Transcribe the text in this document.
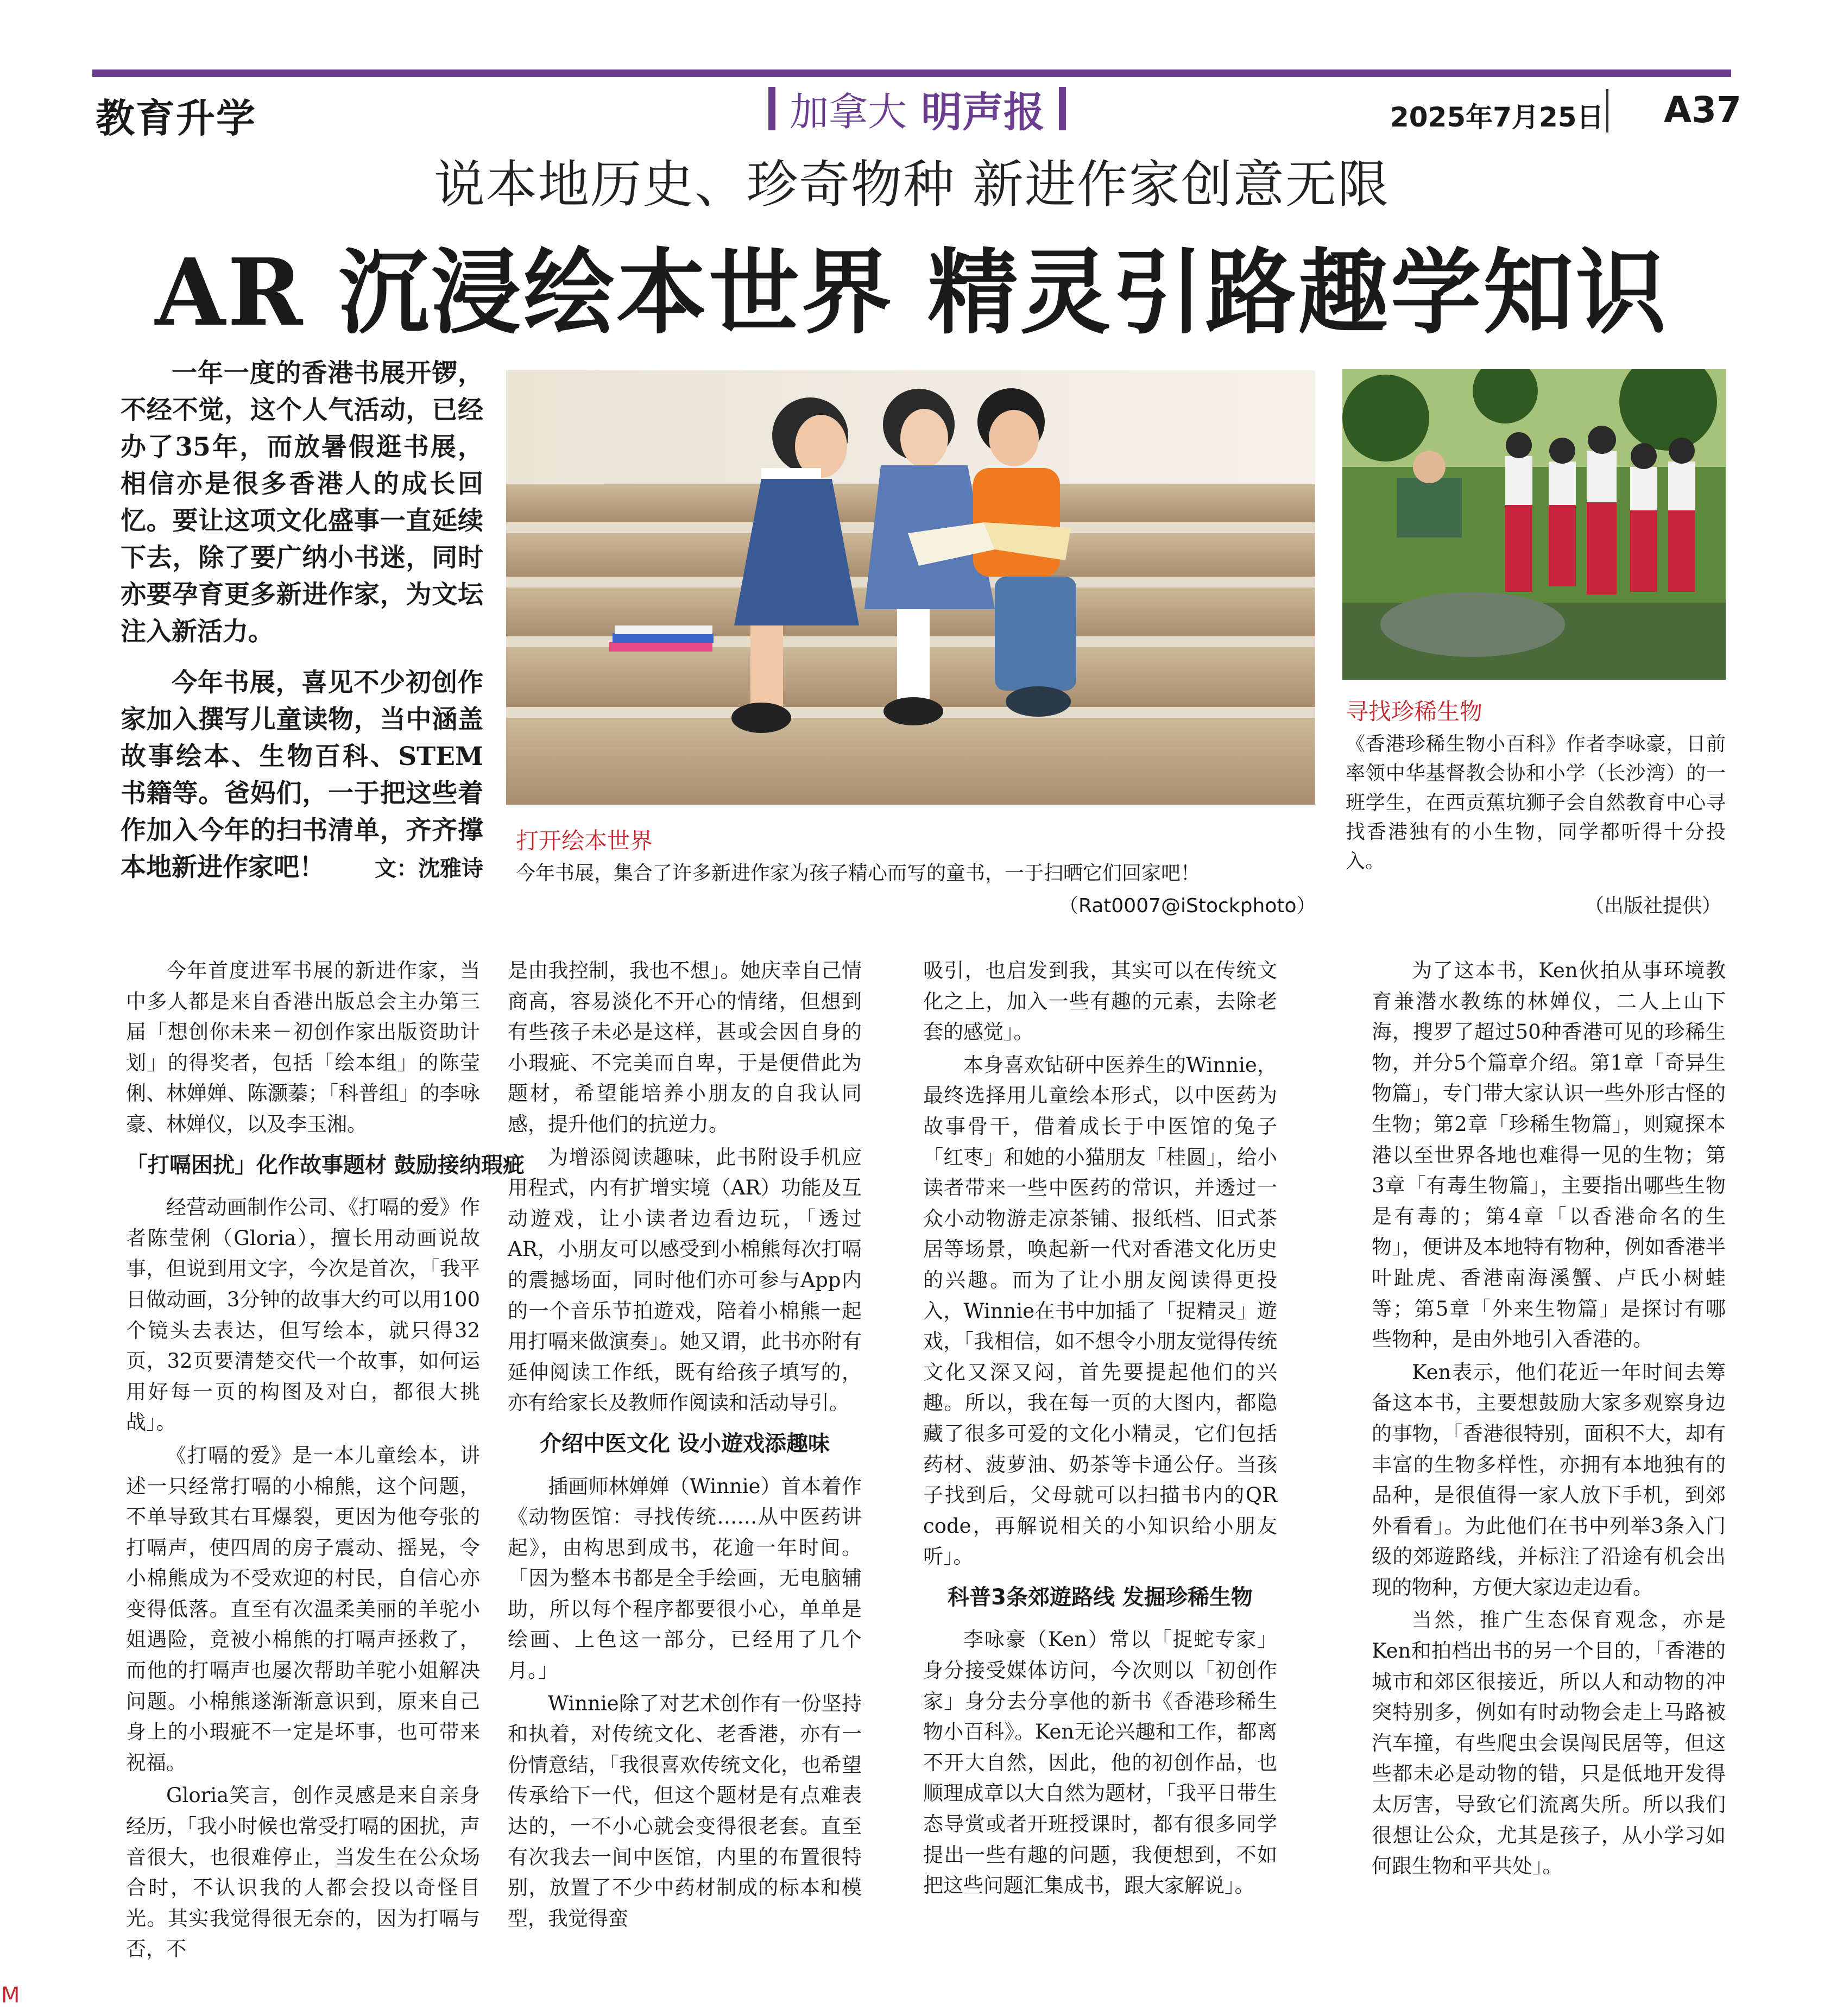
教育升学	加拿大 明声报	2025年7月25日 A37
说本地历史、珍奇物种 新进作家创意无限
AR 沉浸绘本世界 精灵引路趣学知识

一年一度的香港书展开锣，不经不觉，这个人气活动，已经办了35年，而放暑假逛书展，相信亦是很多香港人的成长回忆。要让这项文化盛事一直延续下去，除了要广纳小书迷，同时亦要孕育更多新进作家，为文坛注入新活力。

今年书展，喜见不少初创作家加入撰写儿童读物，当中涵盖故事绘本、生物百科、STEM书籍等。爸妈们，一于把这些着作加入今年的扫书清单，齐齐撑本地新进作家吧！	文：沈雅诗
打开绘本世界
今年书展，集合了许多新进作家为孩子精心而写的童书，一于扫晒它们回家吧！
（Rat0007@iStockphoto）
寻找珍稀生物
《香港珍稀生物小百科》作者李咏豪，日前率领中华基督教会协和小学（长沙湾）的一班学生，在西贡蕉坑狮子会自然教育中心寻找香港独有的小生物，同学都听得十分投入。
（出版社提供）

今年首度进军书展的新进作家，当中多人都是来自香港出版总会主办第三届「想创你未来－初创作家出版资助计划」的得奖者，包括「绘本组」的陈莹俐、林婵婵、陈灏蓁；「科普组」的李咏豪、林婵仪，以及李玉湘。

「打嗝困扰」化作故事题材 鼓励接纳瑕疵

经营动画制作公司、《打嗝的爱》作者陈莹俐（Gloria），擅长用动画说故事，但说到用文字，今次是首次，「我平日做动画，3分钟的故事大约可以用100个镜头去表达，但写绘本，就只得32页，32页要清楚交代一个故事，如何运用好每一页的构图及对白，都很大挑战」。

《打嗝的爱》是一本儿童绘本，讲述一只经常打嗝的小棉熊，这个问题，不单导致其右耳爆裂，更因为他夸张的打嗝声，使四周的房子震动、摇晃，令小棉熊成为不受欢迎的村民，自信心亦变得低落。直至有次温柔美丽的羊驼小姐遇险，竟被小棉熊的打嗝声拯救了，而他的打嗝声也屡次帮助羊驼小姐解决问题。小棉熊遂渐渐意识到，原来自己身上的小瑕疵不一定是坏事，也可带来祝福。

Gloria笑言，创作灵感是来自亲身经历，「我小时候也常受打嗝的困扰，声音很大，也很难停止，当发生在公众场合时，不认识我的人都会投以奇怪目光。其实我觉得很无奈的，因为打嗝与否，不

是由我控制，我也不想」。她庆幸自己情商高，容易淡化不开心的情绪，但想到有些孩子未必是这样，甚或会因自身的小瑕疵、不完美而自卑，于是便借此为题材，希望能培养小朋友的自我认同感，提升他们的抗逆力。

为增添阅读趣味，此书附设手机应用程式，内有扩增实境（AR）功能及互动遊戏，让小读者边看边玩，「透过AR，小朋友可以感受到小棉熊每次打嗝的震撼场面，同时他们亦可参与App内的一个音乐节拍遊戏，陪着小棉熊一起用打嗝来做演奏」。她又谓，此书亦附有延伸阅读工作纸，既有给孩子填写的，亦有给家长及教师作阅读和活动导引。

介绍中医文化 设小遊戏添趣味

插画师林婵婵（Winnie）首本着作《动物医馆：寻找传统……从中医药讲起》，由构思到成书，花逾一年时间。「因为整本书都是全手绘画，无电脑辅助，所以每个程序都要很小心，单单是绘画、上色这一部分，已经用了几个月。」

Winnie除了对艺术创作有一份坚持和执着，对传统文化、老香港，亦有一份情意结，「我很喜欢传统文化，也希望传承给下一代，但这个题材是有点难表达的，一不小心就会变得很老套。直至有次我去一间中医馆，内里的布置很特别，放置了不少中药材制成的标本和模型，我觉得蛮

吸引，也启发到我，其实可以在传统文化之上，加入一些有趣的元素，去除老套的感觉」。

本身喜欢钻研中医养生的Winnie，最终选择用儿童绘本形式，以中医药为故事骨干，借着成长于中医馆的兔子「红枣」和她的小猫朋友「桂圆」，给小读者带来一些中医药的常识，并透过一众小动物游走凉茶铺、报纸档、旧式茶居等场景，唤起新一代对香港文化历史的兴趣。而为了让小朋友阅读得更投入，Winnie在书中加插了「捉精灵」遊戏，「我相信，如不想令小朋友觉得传统文化又深又闷，首先要提起他们的兴趣。所以，我在每一页的大图内，都隐藏了很多可爱的文化小精灵，它们包括药材、菠萝油、奶茶等卡通公仔。当孩子找到后，父母就可以扫描书内的QR code，再解说相关的小知识给小朋友听」。

科普3条郊遊路线 发掘珍稀生物

李咏豪（Ken）常以「捉蛇专家」身分接受媒体访问，今次则以「初创作家」身分去分享他的新书《香港珍稀生物小百科》。Ken无论兴趣和工作，都离不开大自然，因此，他的初创作品，也顺理成章以大自然为题材，「我平日带生态导赏或者开班授课时，都有很多同学提出一些有趣的问题，我便想到，不如把这些问题汇集成书，跟大家解说」。

为了这本书，Ken伙拍从事环境教育兼潜水教练的林婵仪，二人上山下海，搜罗了超过50种香港可见的珍稀生物，并分5个篇章介绍。第1章「奇异生物篇」，专门带大家认识一些外形古怪的生物；第2章「珍稀生物篇」，则窥探本港以至世界各地也难得一见的生物；第3章「有毒生物篇」，主要指出哪些生物是有毒的；第4章「以香港命名的生物」，便讲及本地特有物种，例如香港半叶趾虎、香港南海溪蟹、卢氏小树蛙等；第5章「外来生物篇」是探讨有哪些物种，是由外地引入香港的。

Ken表示，他们花近一年时间去筹备这本书，主要想鼓励大家多观察身边的事物，「香港很特别，面积不大，却有丰富的生物多样性，亦拥有本地独有的品种，是很值得一家人放下手机，到郊外看看」。为此他们在书中列举3条入门级的郊遊路线，并标注了沿途有机会出现的物种，方便大家边走边看。

当然，推广生态保育观念，亦是Ken和拍档出书的另一个目的，「香港的城市和郊区很接近，所以人和动物的冲突特别多，例如有时动物会走上马路被汽车撞，有些爬虫会误闯民居等，但这些都未必是动物的错，只是低地开发得太厉害，导致它们流离失所。所以我们很想让公众，尤其是孩子，从小学习如何跟生物和平共处」。

M
